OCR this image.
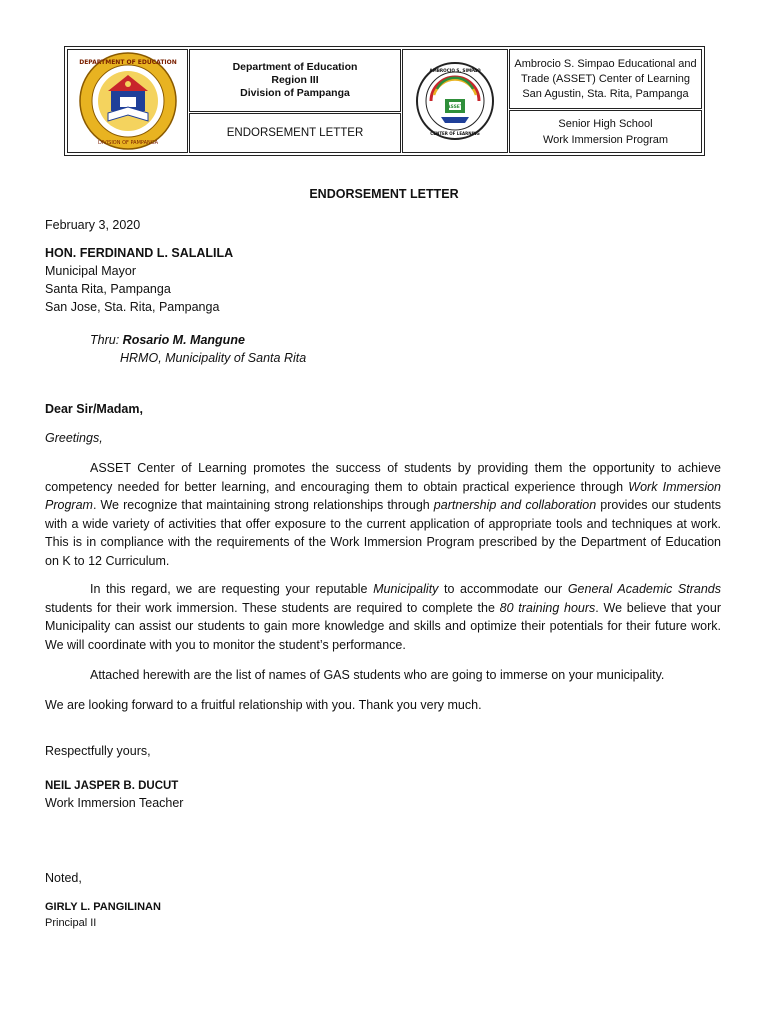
DEPARTMENT OF EDUCATION
DIVISION OF PAMPANGA
Department of Education
Region III
Division of Pampanga
ENDORSEMENT LETTER
ASSET
AMBROCIO S. SIMPAO
CENTER OF LEARNING
Ambrocio S. Simpao Educational and
Trade (ASSET) Center of Learning
San Agustin, Sta. Rita, Pampanga
Senior High School
Work Immersion Program
ENDORSEMENT LETTER
February 3, 2020
HON. FERDINAND L. SALALILA
Municipal Mayor
Santa Rita, Pampanga
San Jose, Sta. Rita, Pampanga
Thru: Rosario M. Mangune
HRMO, Municipality of Santa Rita
Dear Sir/Madam,
Greetings,

ASSET Center of Learning promotes the success of students by providing them the opportunity to achieve competency needed for better learning, and encouraging them to obtain practical experience through Work Immersion Program. We recognize that maintaining strong relationships through partnership and collaboration provides our students with a wide variety of activities that offer exposure to the current application of appropriate tools and techniques at work. This is in compliance with the requirements of the Work Immersion Program prescribed by the Department of Education on K to 12 Curriculum.

In this regard, we are requesting your reputable Municipality to accommodate our General Academic Strands students for their work immersion. These students are required to complete the 80 training hours. We believe that your Municipality can assist our students to gain more knowledge and skills and optimize their potentials for their future work. We will coordinate with you to monitor the student’s performance.

Attached herewith are the list of names of GAS students who are going to immerse on your municipality.
We are looking forward to a fruitful relationship with you. Thank you very much.
Respectfully yours,
NEIL JASPER B. DUCUT
Work Immersion Teacher
Noted,
GIRLY L. PANGILINAN
Principal II
